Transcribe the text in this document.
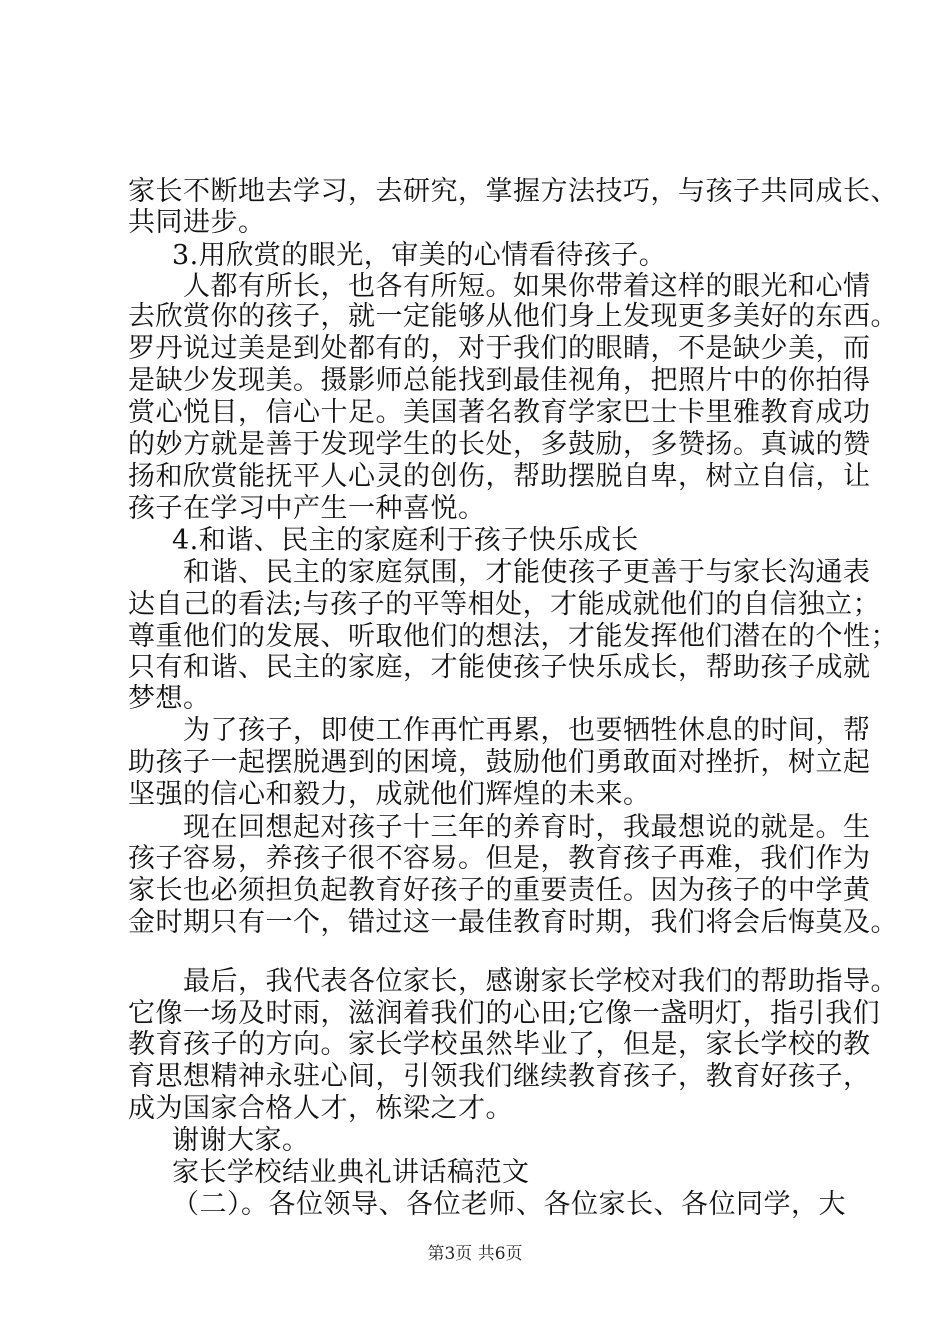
家长不断地去学习，去研究，掌握方法技巧，与孩子共同成长、
共同进步。
3.用欣赏的眼光，审美的心情看待孩子。
人都有所长，也各有所短。如果你带着这样的眼光和心情
去欣赏你的孩子，就一定能够从他们身上发现更多美好的东西。
罗丹说过美是到处都有的，对于我们的眼睛，不是缺少美，而
是缺少发现美。摄影师总能找到最佳视角，把照片中的你拍得
赏心悦目，信心十足。美国著名教育学家巴士卡里雅教育成功
的妙方就是善于发现学生的长处，多鼓励，多赞扬。真诚的赞
扬和欣赏能抚平人心灵的创伤，帮助摆脱自卑，树立自信，让
孩子在学习中产生一种喜悦。
4.和谐、民主的家庭利于孩子快乐成长
和谐、民主的家庭氛围，才能使孩子更善于与家长沟通表
达自己的看法;与孩子的平等相处，才能成就他们的自信独立；
尊重他们的发展、听取他们的想法，才能发挥他们潜在的个性；
只有和谐、民主的家庭，才能使孩子快乐成长，帮助孩子成就
梦想。
为了孩子，即使工作再忙再累，也要牺牲休息的时间，帮
助孩子一起摆脱遇到的困境，鼓励他们勇敢面对挫折，树立起
坚强的信心和毅力，成就他们辉煌的未来。
现在回想起对孩子十三年的养育时，我最想说的就是。生
孩子容易，养孩子很不容易。但是，教育孩子再难，我们作为
家长也必须担负起教育好孩子的重要责任。因为孩子的中学黄
金时期只有一个，错过这一最佳教育时期，我们将会后悔莫及。
最后，我代表各位家长，感谢家长学校对我们的帮助指导。
它像一场及时雨，滋润着我们的心田;它像一盏明灯，指引我们
教育孩子的方向。家长学校虽然毕业了，但是，家长学校的教
育思想精神永驻心间，引领我们继续教育孩子，教育好孩子，
成为国家合格人才，栋梁之才。
谢谢大家。
家长学校结业典礼讲话稿范文
（二）。各位领导、各位老师、各位家长、各位同学，大
第3页 共6页
